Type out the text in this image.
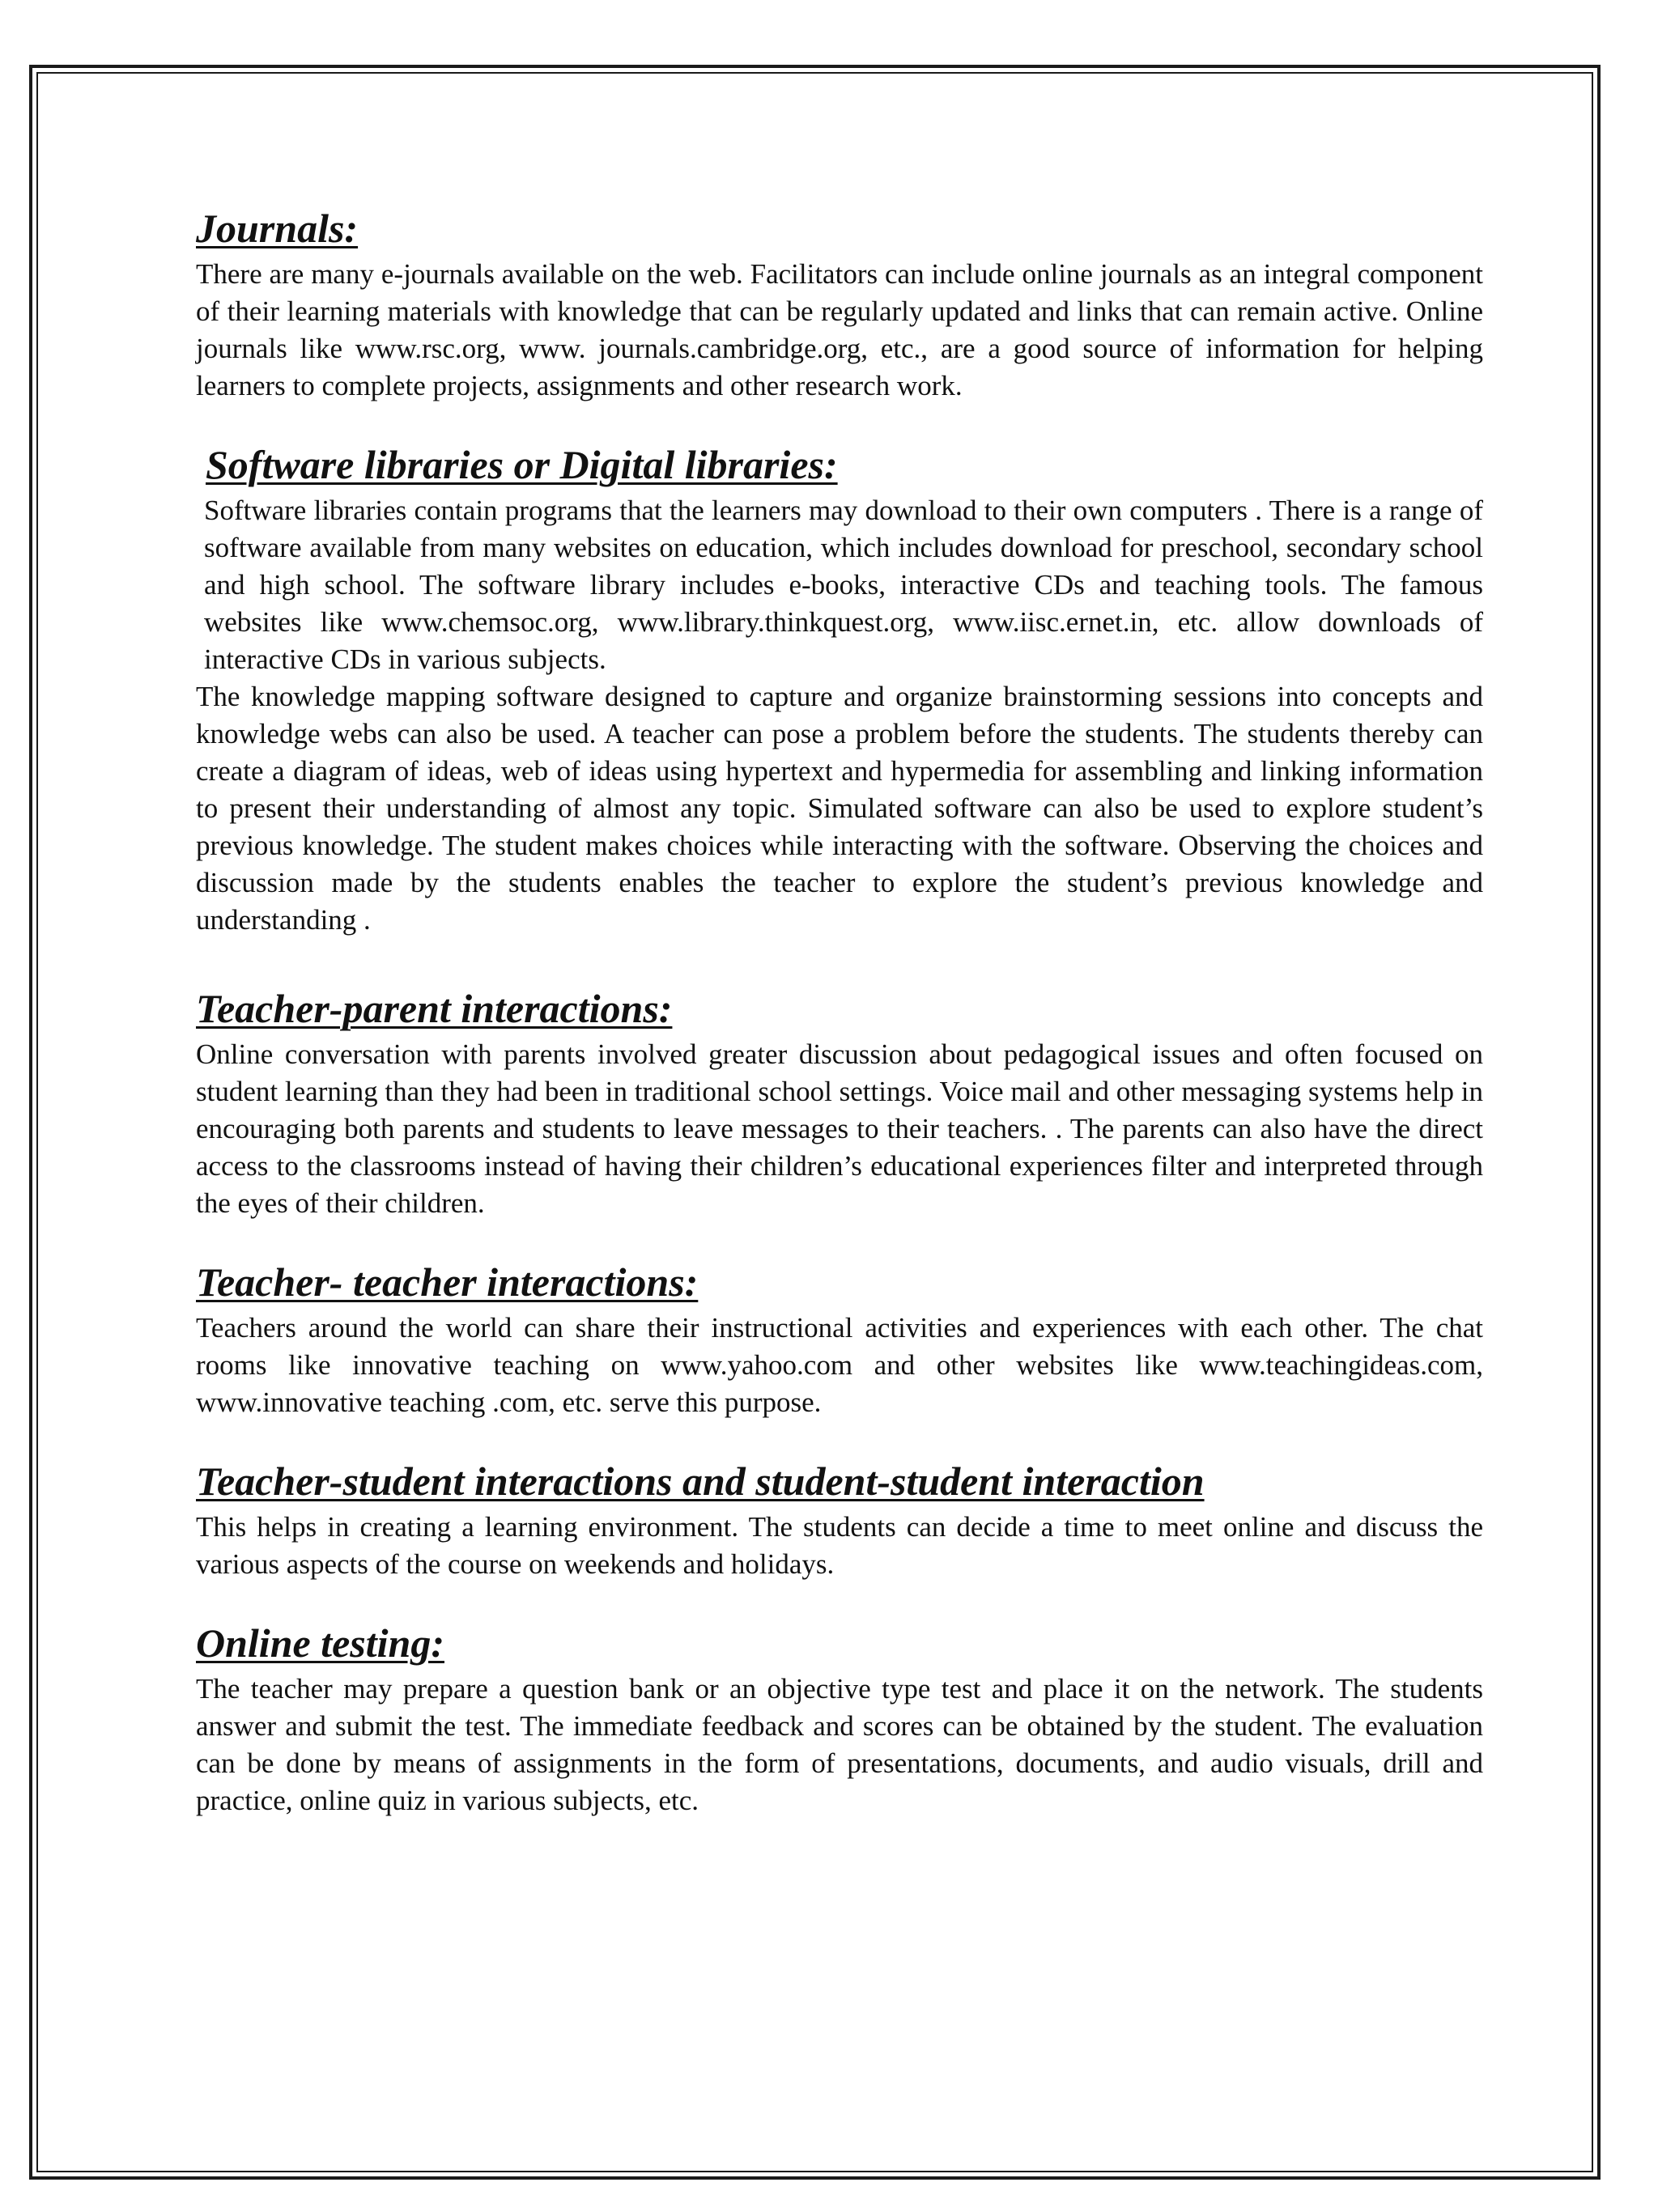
Journals:

There are many e-journals available on the web. Facilitators can include online journals as an integral component of their learning materials with knowledge that can be regularly updated and links that can remain active. Online journals like www.rsc.org, www. journals.cambridge.org, etc., are a good source of information for helping learners to complete projects, assignments and other research work.

Software libraries or Digital libraries:

Software libraries contain programs that the learners may download to their own computers . There is a range of software available from many websites on education, which includes download for preschool, secondary school and high school. The software library includes e-books, interactive CDs and teaching tools. The famous websites like www.chemsoc.org, www.library.thinkquest.org, www.iisc.ernet.in, etc. allow downloads of interactive CDs in various subjects.

The knowledge mapping software designed to capture and organize brainstorming sessions into concepts and knowledge webs can also be used. A teacher can pose a problem before the students. The students thereby can create a diagram of ideas, web of ideas using hypertext and hypermedia for assembling and linking information to present their understanding of almost any topic. Simulated software can also be used to explore student’s previous knowledge. The student makes choices while interacting with the software. Observing the choices and discussion made by the students enables the teacher to explore the student’s previous knowledge and understanding .

Teacher-parent interactions:

Online conversation with parents involved greater discussion about pedagogical issues and often focused on student learning than they had been in traditional school settings. Voice mail and other messaging systems help in encouraging both parents and students to leave messages to their teachers. . The parents can also have the direct access to the classrooms instead of having their children’s educational experiences filter and interpreted through the eyes of their children.

Teacher- teacher interactions:

Teachers around the world can share their instructional activities and experiences with each other. The chat rooms like innovative teaching on www.yahoo.com and other websites like www.teachingideas.com, www.innovative teaching .com, etc. serve this purpose.

Teacher-student interactions and student-student interaction

This helps in creating a learning environment. The students can decide a time to meet online and discuss the various aspects of the course on weekends and holidays.

Online testing:

The teacher may prepare a question bank or an objective type test and place it on the network. The students answer and submit the test. The immediate feedback and scores can be obtained by the student. The evaluation can be done by means of assignments in the form of presentations, documents, and audio visuals, drill and practice, online quiz in various subjects, etc.
